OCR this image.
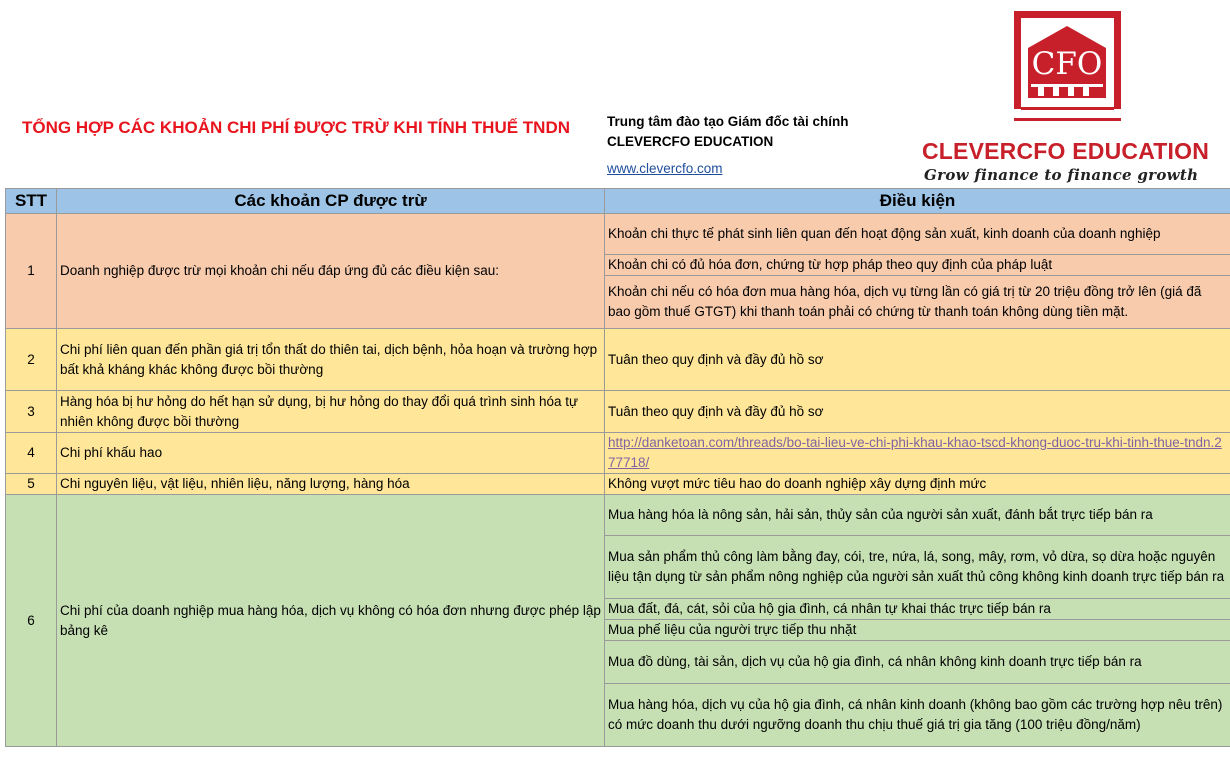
TỔNG HỢP CÁC KHOẢN CHI PHÍ ĐƯỢC TRỪ KHI TÍNH THUẾ TNDN	Trung tâm đào tạo Giám đốc tài chính
CLEVERCFO EDUCATION
www.clevercfo.com
CFO
CLEVERCFO EDUCATION
Grow finance to finance growth
STT	Các khoản CP được trừ	Điều kiện
1	Doanh nghiệp được trừ mọi khoản chi nếu đáp ứng đủ các điều kiện sau:	Khoản chi thực tế phát sinh liên quan đến hoạt động sản xuất, kinh doanh của doanh nghiệp
		Khoản chi có đủ hóa đơn, chứng từ hợp pháp theo quy định của pháp luật
		Khoản chi nếu có hóa đơn mua hàng hóa, dịch vụ từng lần có giá trị từ 20 triệu đồng trở lên (giá đã bao gồm thuế GTGT) khi thanh toán phải có chứng từ thanh toán không dùng tiền mặt.
2	Chi phí liên quan đến phần giá trị tổn thất do thiên tai, dịch bệnh, hỏa hoạn và trường hợp bất khả kháng khác không được bồi thường	Tuân theo quy định và đầy đủ hồ sơ
3	Hàng hóa bị hư hỏng do hết hạn sử dụng, bị hư hỏng do thay đổi quá trình sinh hóa tự nhiên không được bồi thường	Tuân theo quy định và đầy đủ hồ sơ
4	Chi phí khấu hao	http://danketoan.com/threads/bo-tai-lieu-ve-chi-phi-khau-khao-tscd-khong-duoc-tru-khi-tinh-thue-tndn.277718/
5	Chi nguyên liệu, vật liệu, nhiên liệu, năng lượng, hàng hóa	Không vượt mức tiêu hao do doanh nghiệp xây dựng định mức
6	Chi phí của doanh nghiệp mua hàng hóa, dịch vụ không có hóa đơn nhưng được phép lập bảng kê	Mua hàng hóa là nông sản, hải sản, thủy sản của người sản xuất, đánh bắt trực tiếp bán ra
		Mua sản phẩm thủ công làm bằng đay, cói, tre, nứa, lá, song, mây, rơm, vỏ dừa, sọ dừa hoặc nguyên liệu tận dụng từ sản phẩm nông nghiệp của người sản xuất thủ công không kinh doanh trực tiếp bán ra
		Mua đất, đá, cát, sỏi của hộ gia đình, cá nhân tự khai thác trực tiếp bán ra
		Mua phế liệu của người trực tiếp thu nhặt
		Mua đồ dùng, tài sản, dịch vụ của hộ gia đình, cá nhân không kinh doanh trực tiếp bán ra
		Mua hàng hóa, dịch vụ của hộ gia đình, cá nhân kinh doanh (không bao gồm các trường hợp nêu trên) có mức doanh thu dưới ngưỡng doanh thu chịu thuế giá trị gia tăng (100 triệu đồng/năm)
